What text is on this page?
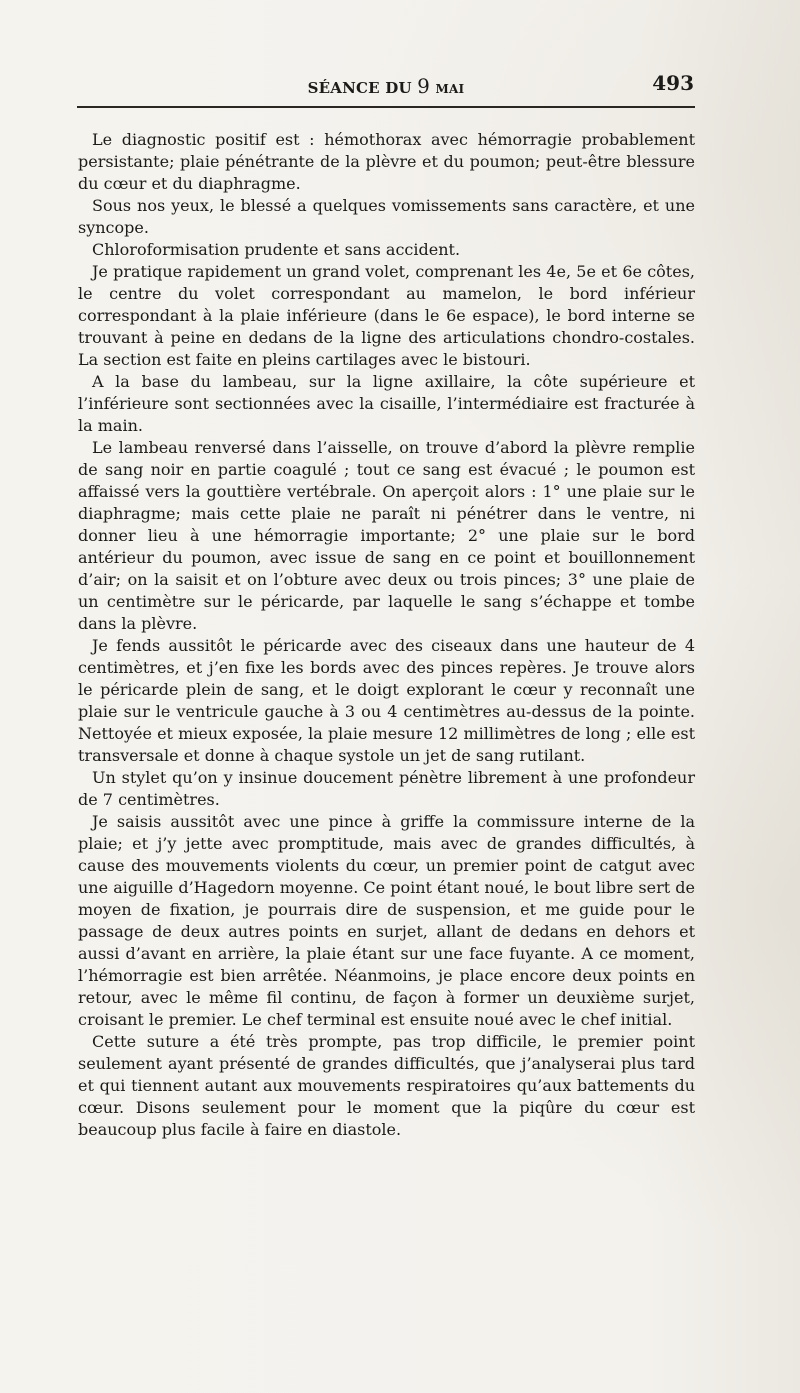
SÉANCE DU 9 MAI	493

Le diagnostic positif est : hémothorax avec hémorragie probablement persistante; plaie pénétrante de la plèvre et du poumon; peut-être blessure du cœur et du diaphragme.

Sous nos yeux, le blessé a quelques vomissements sans caractère, et une syncope.

Chloroformisation prudente et sans accident.

Je pratique rapidement un grand volet, comprenant les 4e, 5e et 6e côtes, le centre du volet correspondant au mamelon, le bord inférieur correspondant à la plaie inférieure (dans le 6e espace), le bord interne se trouvant à peine en dedans de la ligne des articulations chondro-costales. La section est faite en pleins cartilages avec le bistouri.

A la base du lambeau, sur la ligne axillaire, la côte supérieure et l’inférieure sont sectionnées avec la cisaille, l’intermédiaire est fracturée à la main.

Le lambeau renversé dans l’aisselle, on trouve d’abord la plèvre remplie de sang noir en partie coagulé ; tout ce sang est évacué ; le poumon est affaissé vers la gouttière vertébrale. On aperçoit alors : 1° une plaie sur le diaphragme; mais cette plaie ne paraît ni pénétrer dans le ventre, ni donner lieu à une hémorragie importante; 2° une plaie sur le bord antérieur du poumon, avec issue de sang en ce point et bouillonnement d’air; on la saisit et on l’obture avec deux ou trois pinces; 3° une plaie de un centimètre sur le péricarde, par laquelle le sang s’échappe et tombe dans la plèvre.

Je fends aussitôt le péricarde avec des ciseaux dans une hauteur de 4 centimètres, et j’en fixe les bords avec des pinces repères. Je trouve alors le péricarde plein de sang, et le doigt explorant le cœur y reconnaît une plaie sur le ventricule gauche à 3 ou 4 centimètres au-dessus de la pointe. Nettoyée et mieux exposée, la plaie mesure 12 millimètres de long ; elle est transversale et donne à chaque systole un jet de sang rutilant.

Un stylet qu’on y insinue doucement pénètre librement à une profondeur de 7 centimètres.

Je saisis aussitôt avec une pince à griffe la commissure interne de la plaie; et j’y jette avec promptitude, mais avec de grandes difficultés, à cause des mouvements violents du cœur, un premier point de catgut avec une aiguille d’Hagedorn moyenne. Ce point étant noué, le bout libre sert de moyen de fixation, je pourrais dire de suspension, et me guide pour le passage de deux autres points en surjet, allant de dedans en dehors et aussi d’avant en arrière, la plaie étant sur une face fuyante. A ce moment, l’hémorragie est bien arrêtée. Néanmoins, je place encore deux points en retour, avec le même fil continu, de façon à former un deuxième surjet, croisant le premier. Le chef terminal est ensuite noué avec le chef initial.

Cette suture a été très prompte, pas trop difficile, le premier point seulement ayant présenté de grandes difficultés, que j’analyserai plus tard et qui tiennent autant aux mouvements respiratoires qu’aux battements du cœur. Disons seulement pour le moment que la piqûre du cœur est beaucoup plus facile à faire en diastole.
